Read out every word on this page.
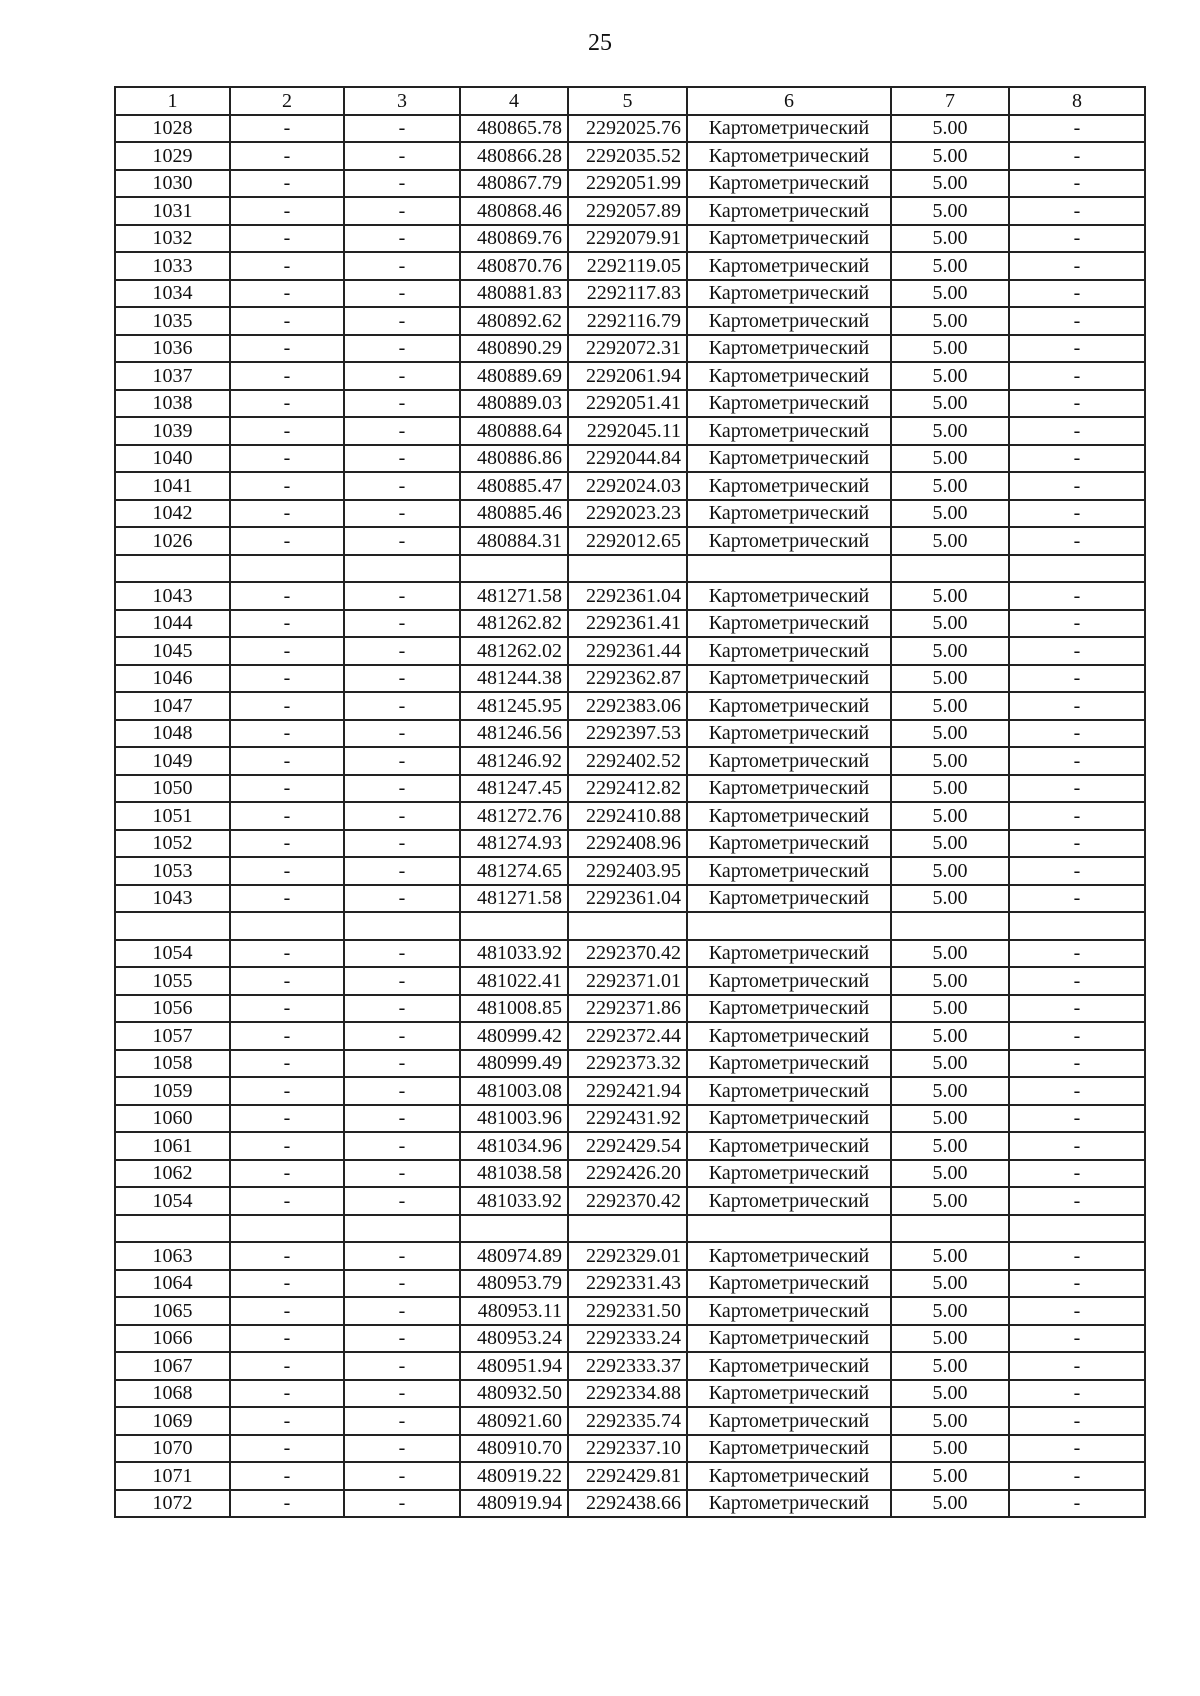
25
1	2	3	4	5	6	7	8
1028	-	-	480865.78	2292025.76	Картометрический	5.00	-
1029	-	-	480866.28	2292035.52	Картометрический	5.00	-
1030	-	-	480867.79	2292051.99	Картометрический	5.00	-
1031	-	-	480868.46	2292057.89	Картометрический	5.00	-
1032	-	-	480869.76	2292079.91	Картометрический	5.00	-
1033	-	-	480870.76	2292119.05	Картометрический	5.00	-
1034	-	-	480881.83	2292117.83	Картометрический	5.00	-
1035	-	-	480892.62	2292116.79	Картометрический	5.00	-
1036	-	-	480890.29	2292072.31	Картометрический	5.00	-
1037	-	-	480889.69	2292061.94	Картометрический	5.00	-
1038	-	-	480889.03	2292051.41	Картометрический	5.00	-
1039	-	-	480888.64	2292045.11	Картометрический	5.00	-
1040	-	-	480886.86	2292044.84	Картометрический	5.00	-
1041	-	-	480885.47	2292024.03	Картометрический	5.00	-
1042	-	-	480885.46	2292023.23	Картометрический	5.00	-
1026	-	-	480884.31	2292012.65	Картометрический	5.00	-

1043	-	-	481271.58	2292361.04	Картометрический	5.00	-
1044	-	-	481262.82	2292361.41	Картометрический	5.00	-
1045	-	-	481262.02	2292361.44	Картометрический	5.00	-
1046	-	-	481244.38	2292362.87	Картометрический	5.00	-
1047	-	-	481245.95	2292383.06	Картометрический	5.00	-
1048	-	-	481246.56	2292397.53	Картометрический	5.00	-
1049	-	-	481246.92	2292402.52	Картометрический	5.00	-
1050	-	-	481247.45	2292412.82	Картометрический	5.00	-
1051	-	-	481272.76	2292410.88	Картометрический	5.00	-
1052	-	-	481274.93	2292408.96	Картометрический	5.00	-
1053	-	-	481274.65	2292403.95	Картометрический	5.00	-
1043	-	-	481271.58	2292361.04	Картометрический	5.00	-

1054	-	-	481033.92	2292370.42	Картометрический	5.00	-
1055	-	-	481022.41	2292371.01	Картометрический	5.00	-
1056	-	-	481008.85	2292371.86	Картометрический	5.00	-
1057	-	-	480999.42	2292372.44	Картометрический	5.00	-
1058	-	-	480999.49	2292373.32	Картометрический	5.00	-
1059	-	-	481003.08	2292421.94	Картометрический	5.00	-
1060	-	-	481003.96	2292431.92	Картометрический	5.00	-
1061	-	-	481034.96	2292429.54	Картометрический	5.00	-
1062	-	-	481038.58	2292426.20	Картометрический	5.00	-
1054	-	-	481033.92	2292370.42	Картометрический	5.00	-

1063	-	-	480974.89	2292329.01	Картометрический	5.00	-
1064	-	-	480953.79	2292331.43	Картометрический	5.00	-
1065	-	-	480953.11	2292331.50	Картометрический	5.00	-
1066	-	-	480953.24	2292333.24	Картометрический	5.00	-
1067	-	-	480951.94	2292333.37	Картометрический	5.00	-
1068	-	-	480932.50	2292334.88	Картометрический	5.00	-
1069	-	-	480921.60	2292335.74	Картометрический	5.00	-
1070	-	-	480910.70	2292337.10	Картометрический	5.00	-
1071	-	-	480919.22	2292429.81	Картометрический	5.00	-
1072	-	-	480919.94	2292438.66	Картометрический	5.00	-
